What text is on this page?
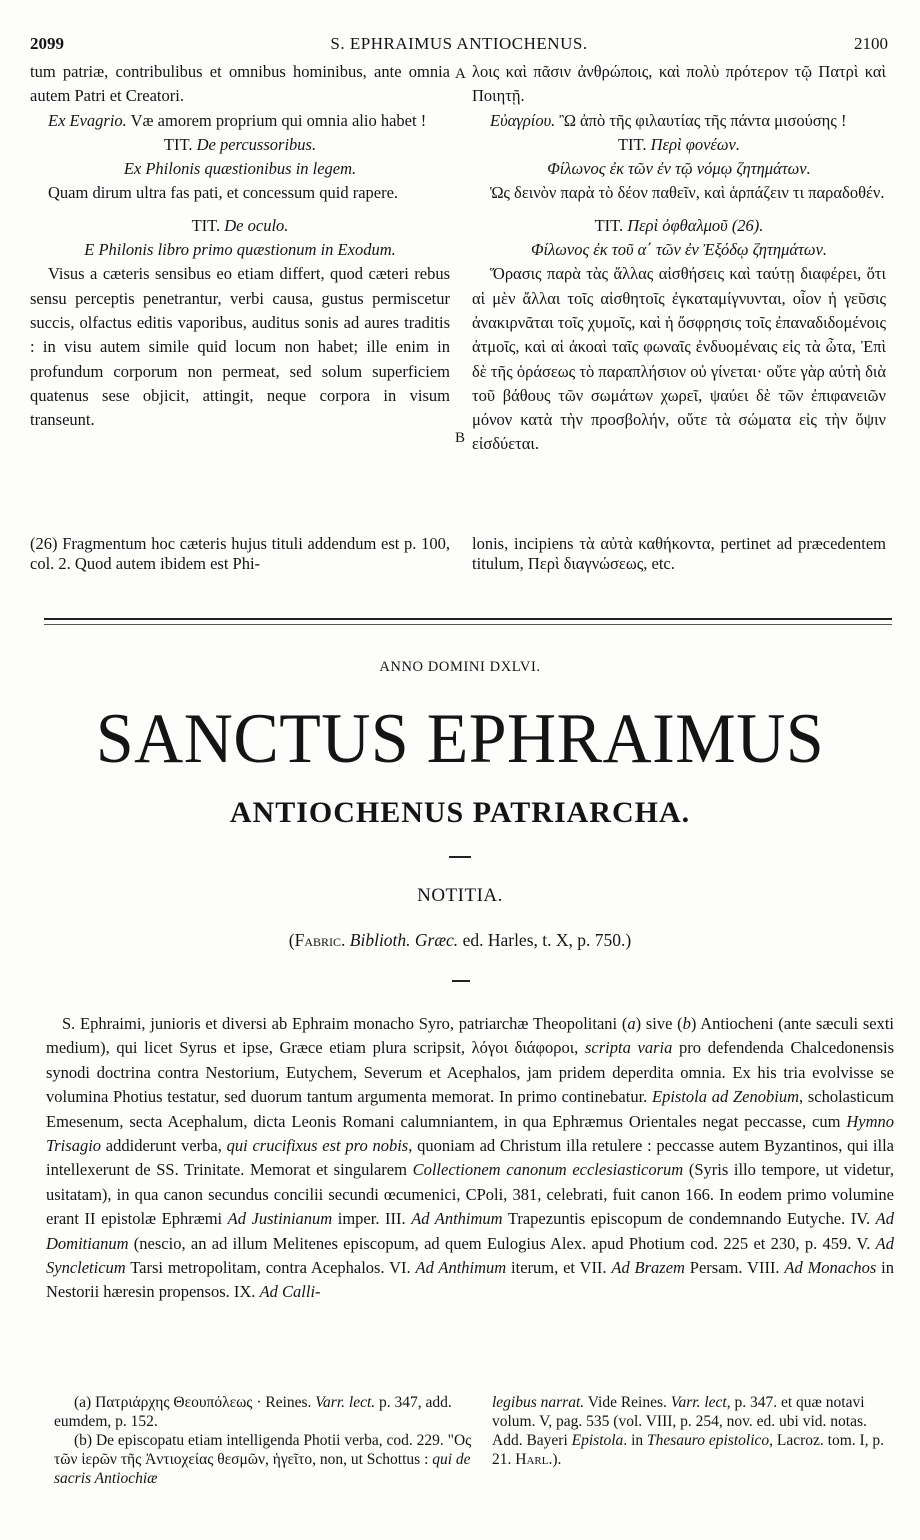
2099	S. EPHRAIMUS ANTIOCHENUS.	2100

tum patriæ, contribulibus et omnibus hominibus, ante omnia autem Patri et Creatori.

Ex Evagrio. Væ amorem proprium qui omnia alio habet !

TIT. De percussoribus.

Ex Philonis quæstionibus in legem.

Quam dirum ultra fas pati, et concessum quid rapere.

TIT. De oculo.

E Philonis libro primo quæstionum in Exodum.

Visus a cæteris sensibus eo etiam differt, quod cæteri rebus sensu perceptis penetrantur, verbi causa, gustus permiscetur succis, olfactus editis vaporibus, auditus sonis ad aures traditis : in visu autem simile quid locum non habet; ille enim in profundum corporum non permeat, sed solum superficiem quatenus sese objicit, attingit, neque corpora in visum transeunt.

A
B

λοις καὶ πᾶσιν ἀνθρώποις, καὶ πολὺ πρότερον τῷ Πατρὶ καὶ Ποιητῇ.

Εὐαγρίου. Ὢ ἀπὸ τῆς φιλαυτίας τῆς πάντα μισούσης !

TIT. Περὶ φονέων.

Φίλωνος ἐκ τῶν ἐν τῷ νόμῳ ζητημάτων.

Ὡς δεινὸν παρὰ τὸ δέον παθεῖν, καὶ ἁρπάζειν τι παραδοθέν.

TIT. Περὶ ὀφθαλμοῦ (26).

Φίλωνος ἐκ τοῦ α΄ τῶν ἐν Ἐξόδῳ ζητημάτων.

Ὅρασις παρὰ τὰς ἄλλας αἰσθήσεις καὶ ταύτῃ διαφέρει, ὅτι αἱ μὲν ἄλλαι τοῖς αἰσθητοῖς ἐγκαταμίγνυνται, οἷον ἡ γεῦσις ἀνακιρνᾶται τοῖς χυμοῖς, καὶ ἡ ὄσφρησις τοῖς ἐπαναδιδομένοις ἀτμοῖς, καὶ αἱ ἀκοαὶ ταῖς φωναῖς ἐνδυομέναις εἰς τὰ ὦτα, Ἐπὶ δὲ τῆς ὁράσεως τὸ παραπλήσιον οὐ γίνεται· οὔτε γὰρ αὐτὴ διὰ τοῦ βάθους τῶν σωμάτων χωρεῖ, ψαύει δὲ τῶν ἐπιφανειῶν μόνον κατὰ τὴν προσβολήν, οὔτε τὰ σώματα εἰς τὴν ὄψιν εἰσδύεται.

(26) Fragmentum hoc cæteris hujus tituli addendum est p. 100, col. 2. Quod autem ibidem est Phi-
lonis, incipiens τὰ αὐτὰ καθήκοντα, pertinet ad præcedentem titulum, Περὶ διαγνώσεως, etc.
ANNO DOMINI DXLVI.
SANCTUS EPHRAIMUS
ANTIOCHENUS PATRIARCHA.
NOTITIA.
(Fabric. Biblioth. Græc. ed. Harles, t. X, p. 750.)
S. Ephraimi, junioris et diversi ab Ephraim monacho Syro, patriarchæ Theopolitani (a) sive (b) Antiocheni (ante sæculi sexti medium), qui licet Syrus et ipse, Græce etiam plura scripsit, λόγοι διάφοροι, scripta varia pro defendenda Chalcedonensis synodi doctrina contra Nestorium, Eutychem, Severum et Acephalos, jam pridem deperdita omnia. Ex his tria evolvisse se volumina Photius testatur, sed duorum tantum argumenta memorat. In primo continebatur. Epistola ad Zenobium, scholasticum Emesenum, secta Acephalum, dicta Leonis Romani calumniantem, in qua Ephræmus Orientales negat peccasse, cum Hymno Trisagio addiderunt verba, qui crucifixus est pro nobis, quoniam ad Christum illa retulere : peccasse autem Byzantinos, qui illa intellexerunt de SS. Trinitate. Memorat et singularem Collectionem canonum ecclesiasticorum (Syris illo tempore, ut videtur, usitatam), in qua canon secundus concilii secundi œcumenici, CPoli, 381, celebrati, fuit canon 166. In eodem primo volumine erant II epistolæ Ephræmi Ad Justinianum imper. III. Ad Anthimum Trapezuntis episcopum de condemnando Eutyche. IV. Ad Domitianum (nescio, an ad illum Melitenes episcopum, ad quem Eulogius Alex. apud Photium cod. 225 et 230, p. 459. V. Ad Syncleticum Tarsi metropolitam, contra Acephalos. VI. Ad Anthimum iterum, et VII. Ad Brazem Persam. VIII. Ad Monachos in Nestorii hæresin propensos. IX. Ad Calli-
(a) Πατριάρχης Θεουπόλεως · Reines. Varr. lect. p. 347, add. eumdem, p. 152.
(b) De episcopatu etiam intelligenda Photii verba, cod. 229. "Ος τῶν ἱερῶν τῆς Ἀντιοχείας θεσμῶν, ἡγεῖτο, non, ut Schottus : qui de sacris Antiochiæ
legibus narrat. Vide Reines. Varr. lect, p. 347. et quæ notavi volum. V, pag. 535 (vol. VIII, p. 254, nov. ed. ubi vid. notas. Add. Bayeri Epistola. in Thesauro epistolico, Lacroz. tom. I, p. 21. Harl.).
